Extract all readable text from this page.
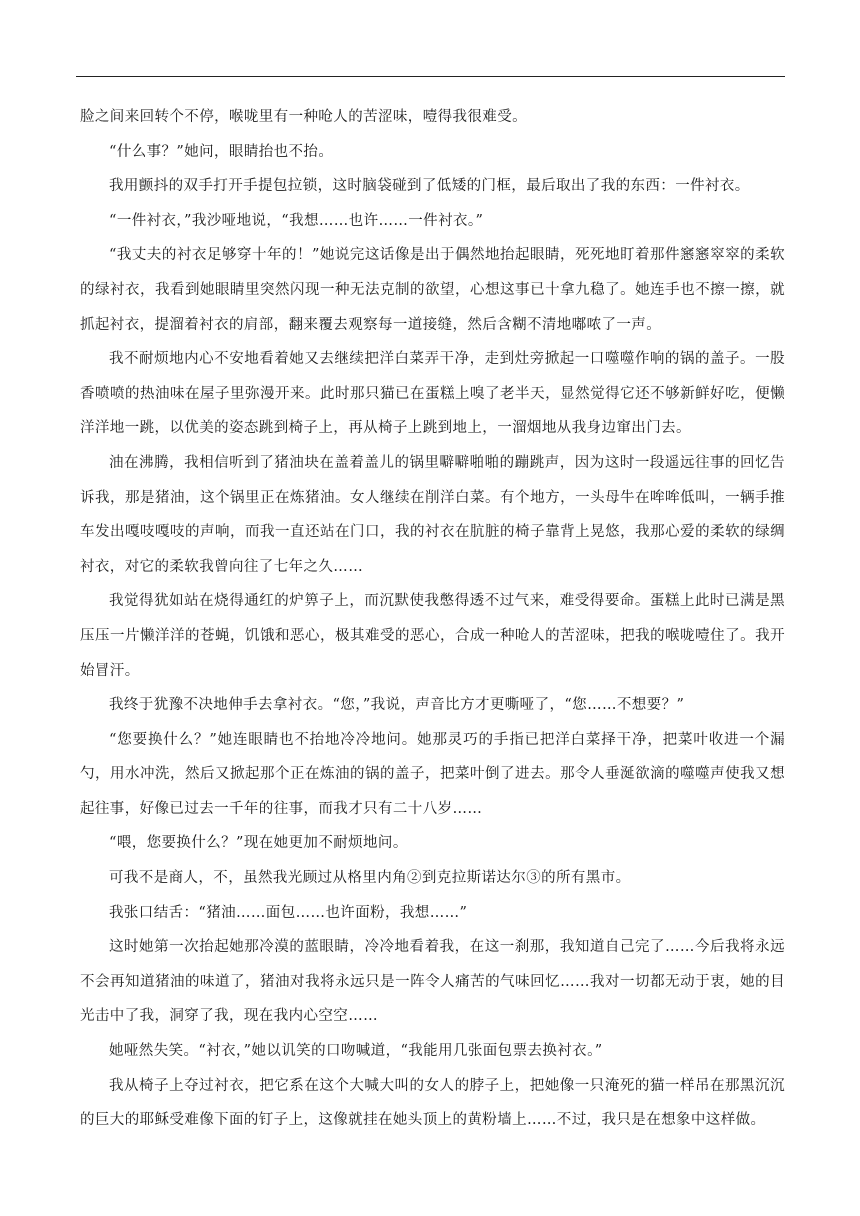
脸之间来回转个不停，喉咙里有一种呛人的苦涩味，噎得我很难受。

“什么事？”她问，眼睛抬也不抬。

我用颤抖的双手打开手提包拉锁，这时脑袋碰到了低矮的门框，最后取出了我的东西：一件衬衣。

“一件衬衣，”我沙哑地说，“我想……也许……一件衬衣。”

“我丈夫的衬衣足够穿十年的！”她说完这话像是出于偶然地抬起眼睛，死死地盯着那件窸窸窣窣的柔软的绿衬衣，我看到她眼睛里突然闪现一种无法克制的欲望，心想这事已十拿九稳了。她连手也不擦一擦，就抓起衬衣，提溜着衬衣的肩部，翻来覆去观察每一道接缝，然后含糊不清地嘟哝了一声。

我不耐烦地内心不安地看着她又去继续把洋白菜弄干净，走到灶旁掀起一口噬噬作响的锅的盖子。一股香喷喷的热油味在屋子里弥漫开来。此时那只猫已在蛋糕上嗅了老半天，显然觉得它还不够新鲜好吃，便懒洋洋地一跳，以优美的姿态跳到椅子上，再从椅子上跳到地上，一溜烟地从我身边窜出门去。

油在沸腾，我相信听到了猪油块在盖着盖儿的锅里噼噼啪啪的蹦跳声，因为这时一段遥远往事的回忆告诉我，那是猪油，这个锅里正在炼猪油。女人继续在削洋白菜。有个地方，一头母牛在哞哞低叫，一辆手推车发出嘎吱嘎吱的声响，而我一直还站在门口，我的衬衣在肮脏的椅子靠背上晃悠，我那心爱的柔软的绿绸衬衣，对它的柔软我曾向往了七年之久……

我觉得犹如站在烧得通红的炉箅子上，而沉默使我憋得透不过气来，难受得要命。蛋糕上此时已满是黑压压一片懒洋洋的苍蝇，饥饿和恶心，极其难受的恶心，合成一种呛人的苦涩味，把我的喉咙噎住了。我开始冒汗。

我终于犹豫不决地伸手去拿衬衣。“您，”我说，声音比方才更嘶哑了，“您……不想要？”

“您要换什么？”她连眼睛也不抬地冷冷地问。她那灵巧的手指已把洋白菜择干净，把菜叶收进一个漏勺，用水冲洗，然后又掀起那个正在炼油的锅的盖子，把菜叶倒了进去。那令人垂涎欲滴的噬噬声使我又想起往事，好像已过去一千年的往事，而我才只有二十八岁……

“喂，您要换什么？”现在她更加不耐烦地问。

可我不是商人，不，虽然我光顾过从格里内角②到克拉斯诺达尔③的所有黑市。

我张口结舌：“猪油……面包……也许面粉，我想……”

这时她第一次抬起她那冷漠的蓝眼睛，冷冷地看着我，在这一刹那，我知道自己完了……今后我将永远不会再知道猪油的味道了，猪油对我将永远只是一阵令人痛苦的气味回忆……我对一切都无动于衷，她的目光击中了我，洞穿了我，现在我内心空空……

她哑然失笑。“衬衣，”她以讥笑的口吻喊道，“我能用几张面包票去换衬衣。”

我从椅子上夺过衬衣，把它系在这个大喊大叫的女人的脖子上，把她像一只淹死的猫一样吊在那黑沉沉的巨大的耶稣受难像下面的钉子上，这像就挂在她头顶上的黄粉墙上……不过，我只是在想象中这样做。
